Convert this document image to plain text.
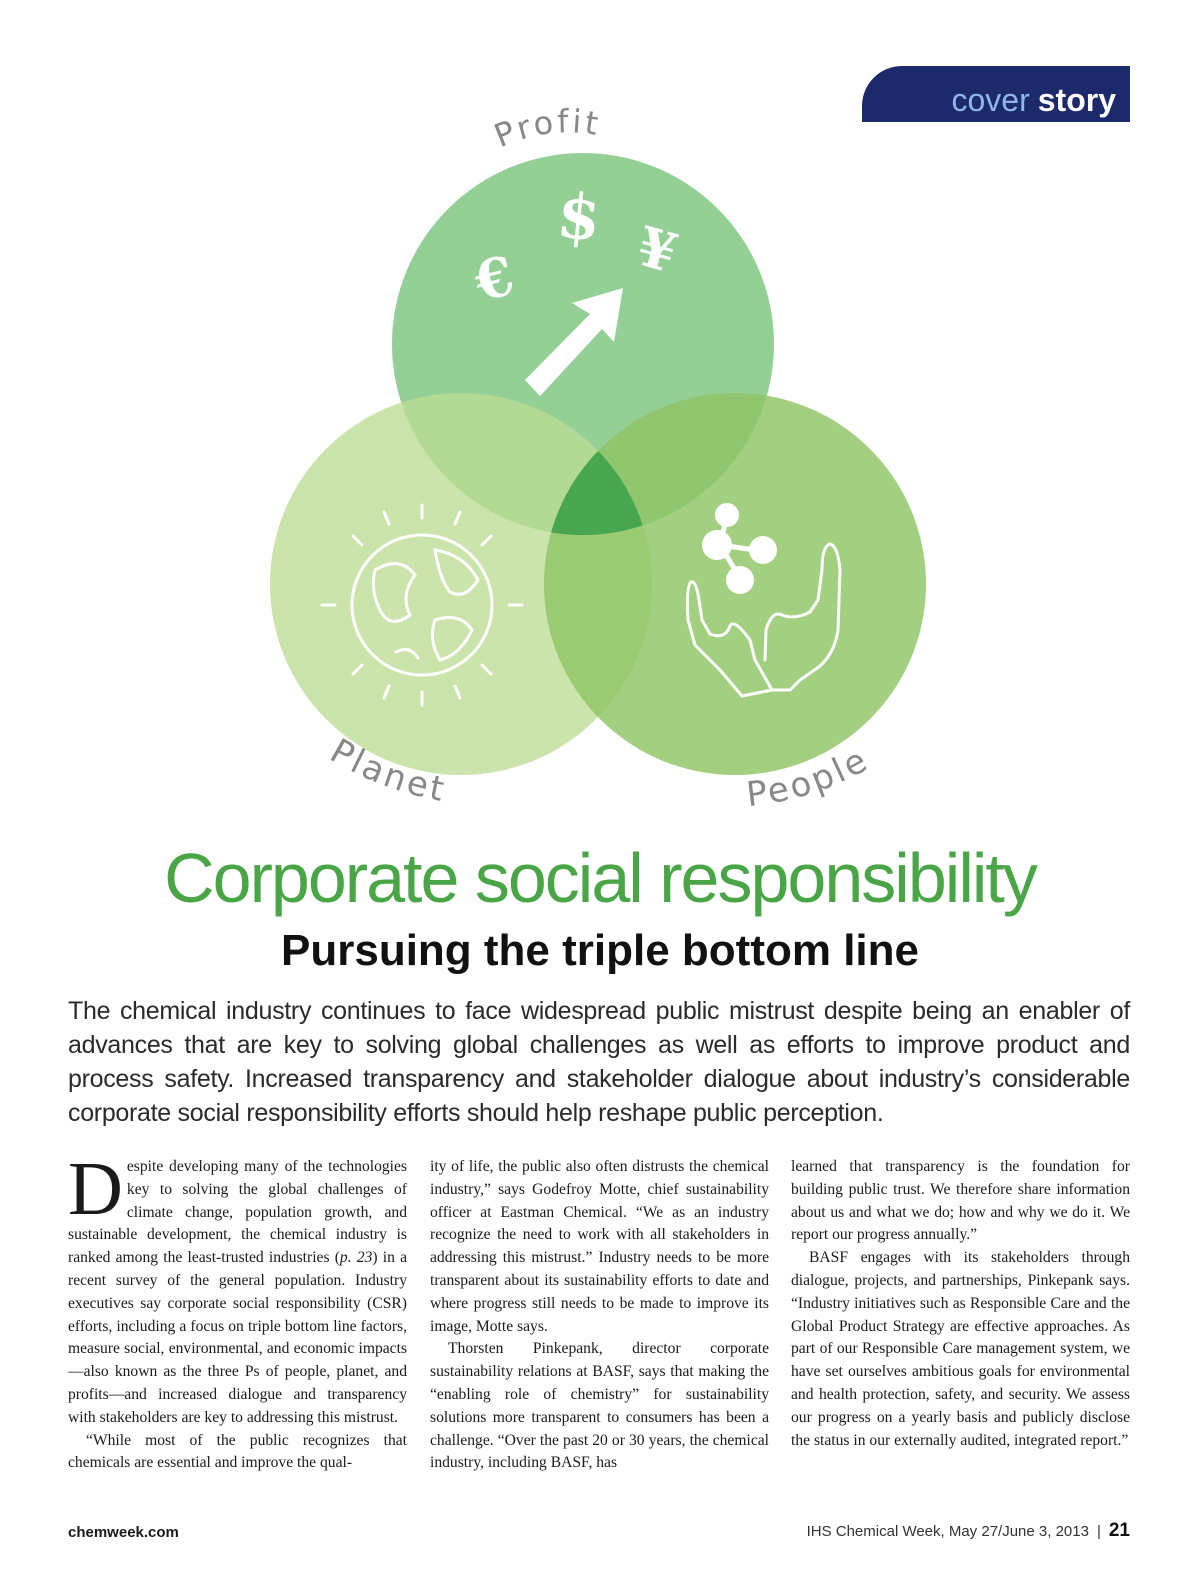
cover story
Profit
Planet	People
€
$ ¥
Corporate social responsibility
Pursuing the triple bottom line

The chemical industry continues to face widespread public mistrust despite being an enabler of advances that are key to solving global challenges as well as efforts to improve product and process safety. Increased transparency and stakeholder dialogue about industry’s considerable corporate social responsibility efforts should help reshape public perception.

Despite developing many of the technologies key to solving the global challenges of climate change, population growth, and sustainable development, the chemical industry is ranked among the least-trusted industries (p. 23) in a recent survey of the general population. Industry executives say corporate social responsibility (CSR) efforts, including a focus on triple bottom line factors, measure social, environmental, and economic impacts—also known as the three Ps of people, planet, and profits—and increased dialogue and transparency with stakeholders are key to addressing this mistrust.

“While most of the public recognizes that chemicals are essential and improve the qual-

ity of life, the public also often distrusts the chemical industry,” says Godefroy Motte, chief sustainability officer at Eastman Chemical. “We as an industry recognize the need to work with all stakeholders in addressing this mistrust.” Industry needs to be more transparent about its sustainability efforts to date and where progress still needs to be made to improve its image, Motte says.

Thorsten Pinkepank, director corporate sustainability relations at BASF, says that making the “enabling role of chemistry” for sustainability solutions more transparent to consumers has been a challenge. “Over the past 20 or 30 years, the chemical industry, including BASF, has

learned that transparency is the foundation for building public trust. We therefore share information about us and what we do; how and why we do it. We report our progress annually.”

BASF engages with its stakeholders through dialogue, projects, and partnerships, Pinkepank says. “Industry initiatives such as Responsible Care and the Global Product Strategy are effective approaches. As part of our Responsible Care management system, we have set ourselves ambitious goals for environmental and health protection, safety, and security. We assess our progress on a yearly basis and publicly disclose the status in our externally audited, integrated report.”

chemweek.com	IHS Chemical Week, May 27/June 3, 2013 | 21
